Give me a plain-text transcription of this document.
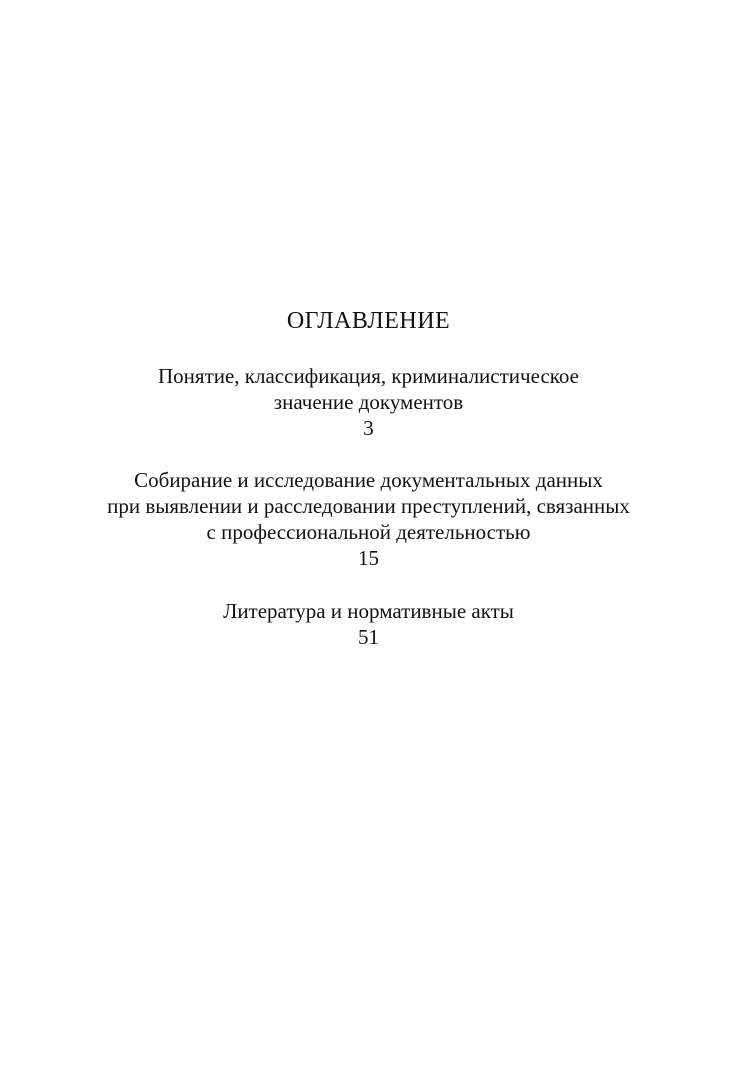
ОГЛАВЛЕНИЕ
Понятие, классификация, криминалистическое
значение документов
3
Собирание и исследование документальных данных
при выявлении и расследовании преступлений, связанных
с профессиональной деятельностью
15
Литература и нормативные акты
51
